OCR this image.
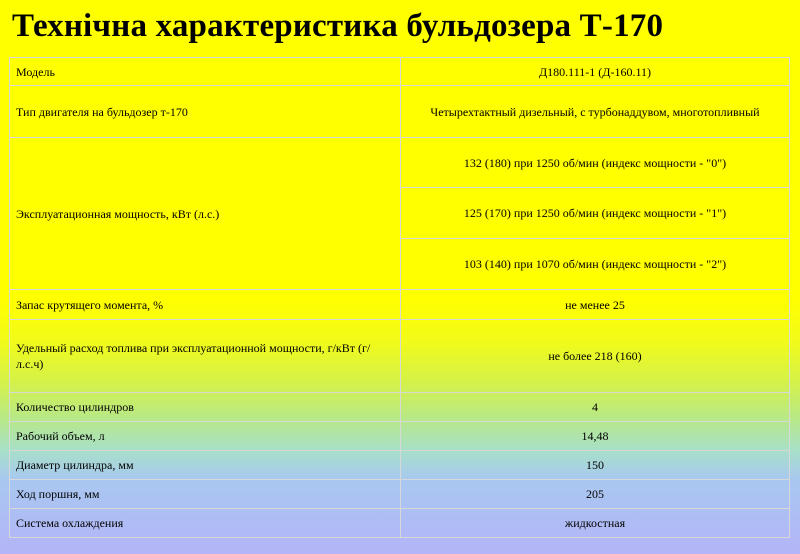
Технічна характеристика бульдозера Т-170
Модель	Д180.111-1 (Д-160.11)
Тип двигателя на бульдозер т-170	Четырехтактный дизельный, с турбонаддувом, многотопливный
Эксплуатационная мощность, кВт (л.с.)	132 (180) при 1250 об/мин (индекс мощности - "0")
	125 (170) при 1250 об/мин (индекс мощности - "1")
	103 (140) при 1070 об/мин (индекс мощности - "2")
Запас крутящего момента, %	не менее 25
Удельный расход топлива при эксплуатационной мощности, г/кВт (г/л.с.ч)	не более 218 (160)
Количество цилиндров	4
Рабочий объем, л	14,48
Диаметр цилиндра, мм	150
Ход поршня, мм	205
Система охлаждения	жидкостная
